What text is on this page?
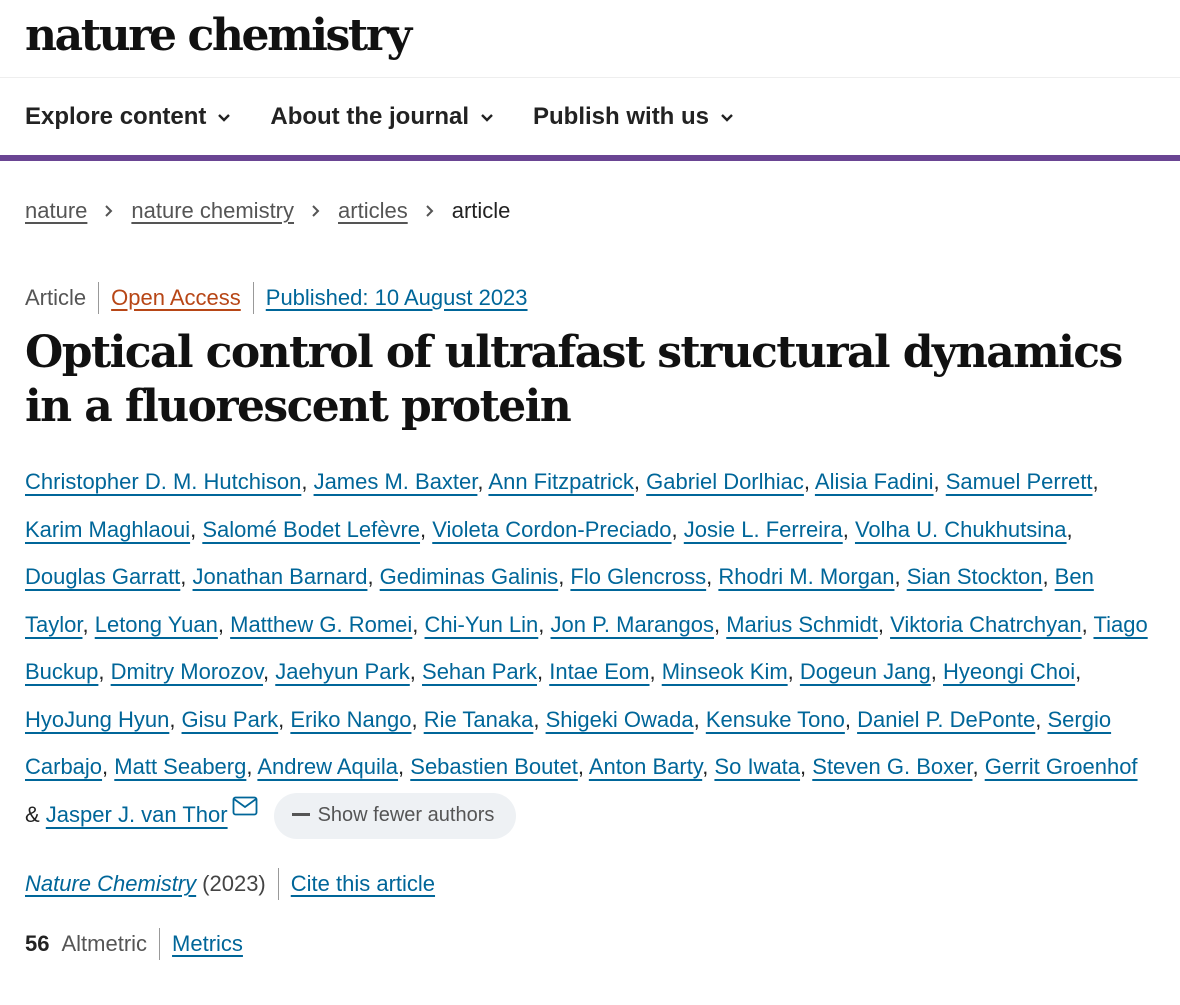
nature chemistry
Explore content	About the journal	Publish with us
nature nature chemistry articles article
Article Open Access Published: 10 August 2023
Optical control of ultrafast structural dynamics in a fluorescent protein
Christopher D. M. Hutchison, James M. Baxter, Ann Fitzpatrick, Gabriel Dorlhiac, Alisia Fadini, Samuel Perrett, Karim Maghlaoui, Salomé Bodet Lefèvre, Violeta Cordon-Preciado, Josie L. Ferreira, Volha U. Chukhutsina, Douglas Garratt, Jonathan Barnard, Gediminas Galinis, Flo Glencross, Rhodri M. Morgan, Sian Stockton, Ben Taylor, Letong Yuan, Matthew G. Romei, Chi-Yun Lin, Jon P. Marangos, Marius Schmidt, Viktoria Chatrchyan, Tiago Buckup, Dmitry Morozov, Jaehyun Park, Sehan Park, Intae Eom, Minseok Kim, Dogeun Jang, Hyeongi Choi, HyoJung Hyun, Gisu Park, Eriko Nango, Rie Tanaka, Shigeki Owada, Kensuke Tono, Daniel P. DePonte, Sergio Carbajo, Matt Seaberg, Andrew Aquila, Sebastien Boutet, Anton Barty, So Iwata, Steven G. Boxer, Gerrit Groenhof & Jasper J. van Thor	Show fewer authors
Nature Chemistry (2023) Cite this article
56 Altmetric Metrics
